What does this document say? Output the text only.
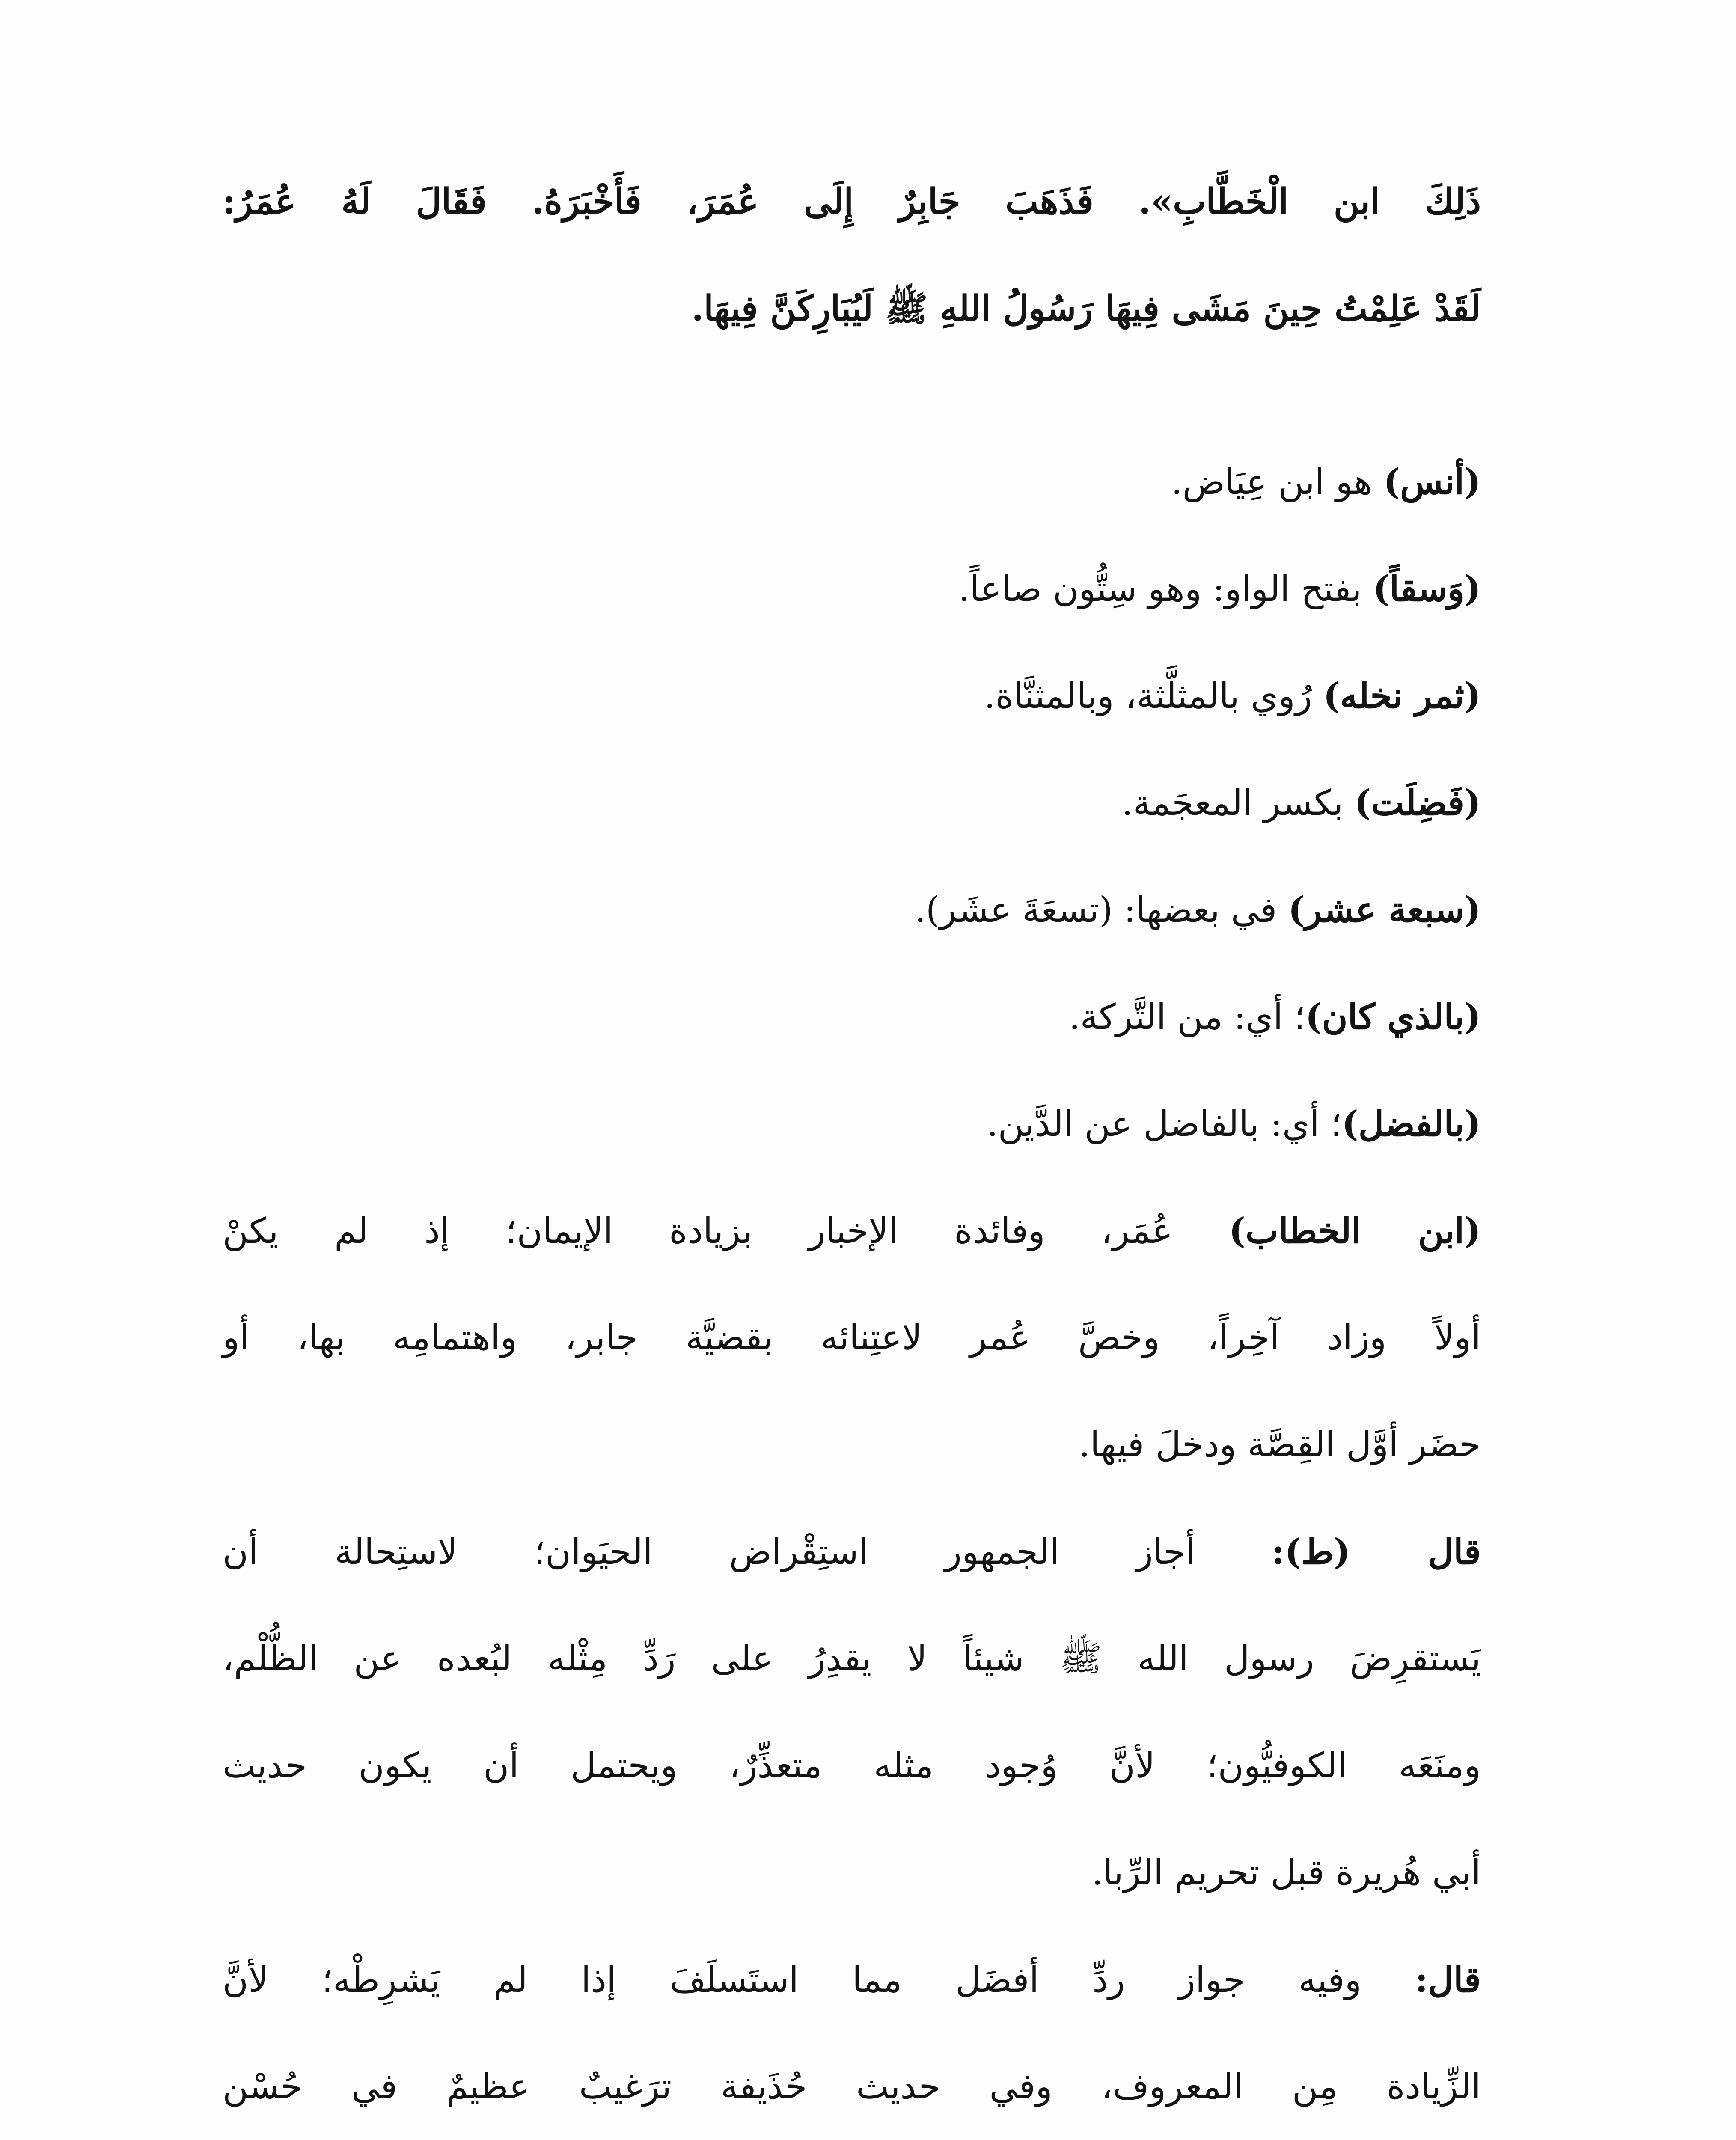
ذَلِكَ ابن الْخَطَّابِ». فَذَهَبَ جَابِرٌ إِلَى عُمَرَ، فَأَخْبَرَهُ. فَقَالَ لَهُ عُمَرُ:
لَقَدْ عَلِمْتُ حِينَ مَشَى فِيهَا رَسُولُ اللهِ ﷺ لَيُبَارِكَنَّ فِيهَا.
(أنس) هو ابن عِيَاض.
(وَسقاً) بفتح الواو: وهو سِتُّون صاعاً.
(ثمر نخله) رُوي بالمثلَّثة، وبالمثنَّاة.
(فَضِلَت) بكسر المعجَمة.
(سبعة عشر) في بعضها: (تسعَةَ عشَر).
(بالذي كان)؛ أي: من التَّركة.
(بالفضل)؛ أي: بالفاضل عن الدَّين.
(ابن الخطاب) عُمَر، وفائدة الإخبار بزيادة الإيمان؛ إذ لم يكنْ
أولاً وزاد آخِراً، وخصَّ عُمر لاعتِنائه بقضيَّة جابر، واهتمامِه بها، أو
حضَر أوَّل القِصَّة ودخلَ فيها.
قال (ط): أجاز الجمهور استِقْراض الحيَوان؛ لاستِحالة أن
يَستقرِضَ رسول الله ﷺ شيئاً لا يقدِرُ على رَدِّ مِثْله لبُعده عن الظُّلْم،
ومنَعَه الكوفيُّون؛ لأنَّ وُجود مثله متعذِّرٌ، ويحتمل أن يكون حديث
أبي هُريرة قبل تحريم الرِّبا.
قال: وفيه جواز ردِّ أفضَل مما استَسلَفَ إذا لم يَشرِطْه؛ لأنَّ
الزِّيادة مِن المعروف، وفي حديث حُذَيفة ترَغيبٌ عظيمٌ في حُسْن
